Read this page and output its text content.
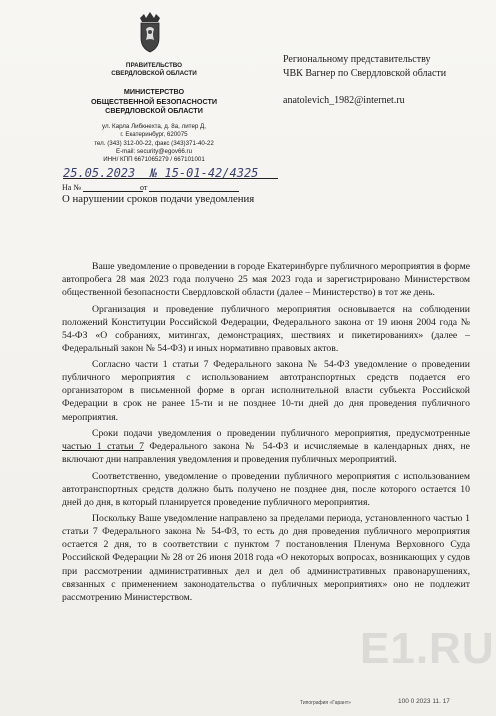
ПРАВИТЕЛЬСТВО
СВЕРДЛОВСКОЙ ОБЛАСТИ
МИНИСТЕРСТВО
ОБЩЕСТВЕННОЙ БЕЗОПАСНОСТИ
СВЕРДЛОВСКОЙ ОБЛАСТИ
ул. Карла Либкнехта, д. 8а, литер Д,
г. Екатеринбург, 620075
тел. (343) 312-00-22, факс (343)371-40-22
E-mail: security@egov66.ru
ИНН/ КПП 6671065279 / 667101001
25.05.2023 № 15-01-42/4325
На №	от
О нарушении сроков подачи уведомления
Региональному представительству
ЧВК Вагнер по Свердловской области
anatolevich_1982@internet.ru

Ваше уведомление о проведении в городе Екатеринбурге публичного мероприятия в форме автопробега 28 мая 2023 года получено 25 мая 2023 года и зарегистрировано Министерством общественной безопасности Свердловской области (далее – Министерство) в тот же день.

Организация и проведение публичного мероприятия основывается на соблюдении положений Конституции Российской Федерации, Федерального закона от 19 июня 2004 года № 54-ФЗ «О собраниях, митингах, демонстрациях, шествиях и пикетированиях» (далее – Федеральный закон № 54-ФЗ) и иных нормативно правовых актов.

Согласно части 1 статьи 7 Федерального закона № 54-ФЗ уведомление о проведении публичного мероприятия с использованием автотранспортных средств подается его организатором в письменной форме в орган исполнительной власти субъекта Российской Федерации в срок не ранее 15-ти и не позднее 10-ти дней до дня проведения публичного мероприятия.

Сроки подачи уведомления о проведении публичного мероприятия, предусмотренные частью 1 статьи 7 Федерального закона № 54-ФЗ и исчисляемые в календарных днях, не включают дни направления уведомления и проведения публичных мероприятий.

Соответственно, уведомление о проведении публичного мероприятия с использованием автотранспортных средств должно быть получено не позднее дня, после которого остается 10 дней до дня, в который планируется проведение публичного мероприятия.

Поскольку Ваше уведомление направлено за пределами периода, установленного частью 1 статьи 7 Федерального закона № 54-ФЗ, то есть до дня проведения публичного мероприятия остается 2 дня, то в соответствии с пунктом 7 постановления Пленума Верховного Суда Российской Федерации № 28 от 26 июня 2018 года «О некоторых вопросах, возникающих у судов при рассмотрении административных дел и дел об административных правонарушениях, связанных с применением законодательства о публичных мероприятиях» оно не подлежит рассмотрению Министерством.

E1.RU
Типография «Гарант»	100 0 2023 11. 17
